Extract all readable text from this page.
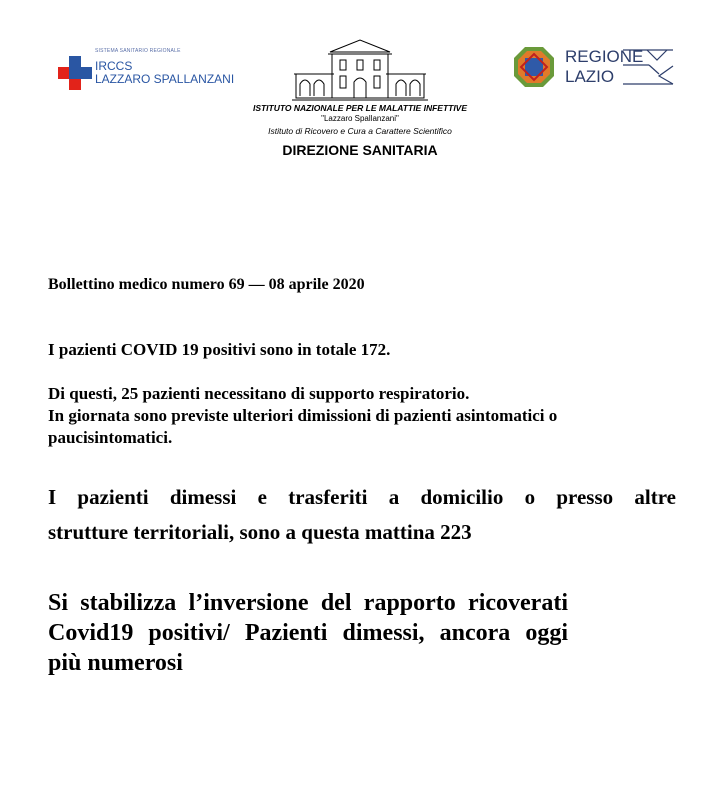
SISTEMA SANITARIO REGIONALE
IRCCS
LAZZARO SPALLANZANI
ISTITUTO NAZIONALE PER LE MALATTIE INFETTIVE
"Lazzaro Spallanzani"
Istituto di Ricovero e Cura a Carattere Scientifico
DIREZIONE SANITARIA
REGIONE
LAZIO
Bollettino medico numero 69 — 08 aprile 2020
I pazienti COVID 19 positivi sono in totale 172.
Di questi, 25 pazienti necessitano di supporto respiratorio.
In giornata sono previste ulteriori dimissioni di pazienti asintomatici o
paucisintomatici.
I pazienti dimessi e trasferiti a domicilio o presso altre
strutture territoriali, sono a questa mattina 223
Si stabilizza l’inversione del rapporto ricoverati
Covid19 positivi/ Pazienti dimessi, ancora oggi
più numerosi
